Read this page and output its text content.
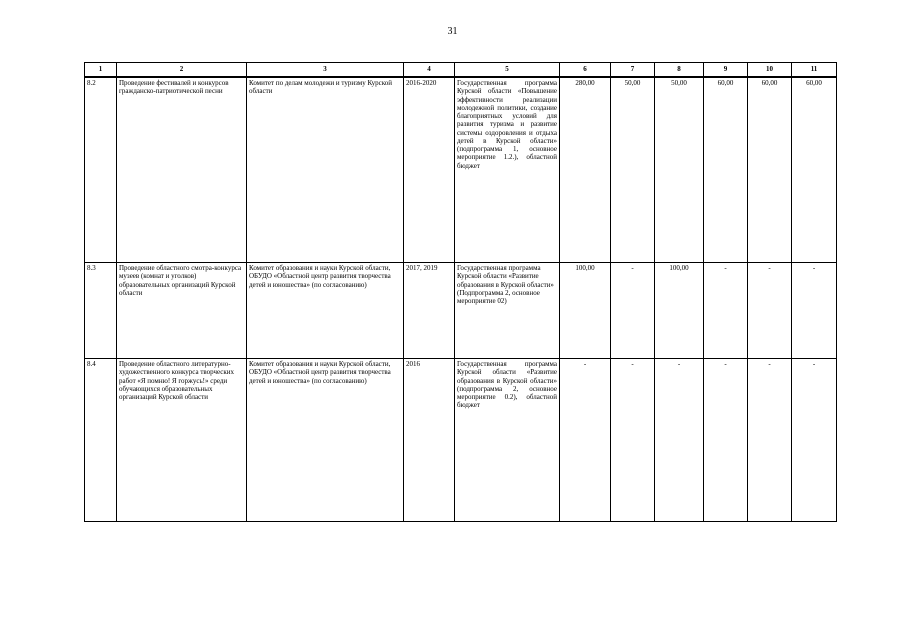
31
1	2	3	4	5	6	7	8	9	10	11
8.2	Проведение фестивалей и конкурсов гражданско-патриотической песни	Комитет по делам молодежи и туризму Курской области	2016-2020	Государственная программа Курской области «Повышение эффективности реализации молодежной политики, создание благоприятных условий для развития туризма и развитие системы оздоровления и отдыха детей в Курской области» (подпрограмма 1, основное мероприятие 1.2.), областной бюджет	280,00	50,00	50,00	60,00	60,00	60,00
8.3	Проведение областного смотра-конкурса музеев (комнат и уголков) образовательных организаций Курской области	Комитет образования и науки Курской области, ОБУДО «Областной центр развития творчества детей и юношества» (по согласованию)	2017, 2019	Государственная программа Курской области «Развитие образования в Курской области» (Подпрограмма 2, основное мероприятие 02)	100,00	-	100,00	-	-	-
8.4	Проведение областного литературно-художественного конкурса творческих работ «Я помню! Я горжусь!» среди обучающихся образовательных организаций Курской области	Комитет образования и науки Курской области, ОБУДО «Областной центр развития творчества детей и юношества» (по согласованию)	2016	Государственная программа Курской области «Развитие образования в Курской области» (подпрограмма 2, основное мероприятие 0.2), областной бюджет	-	-	-	-	-	-
